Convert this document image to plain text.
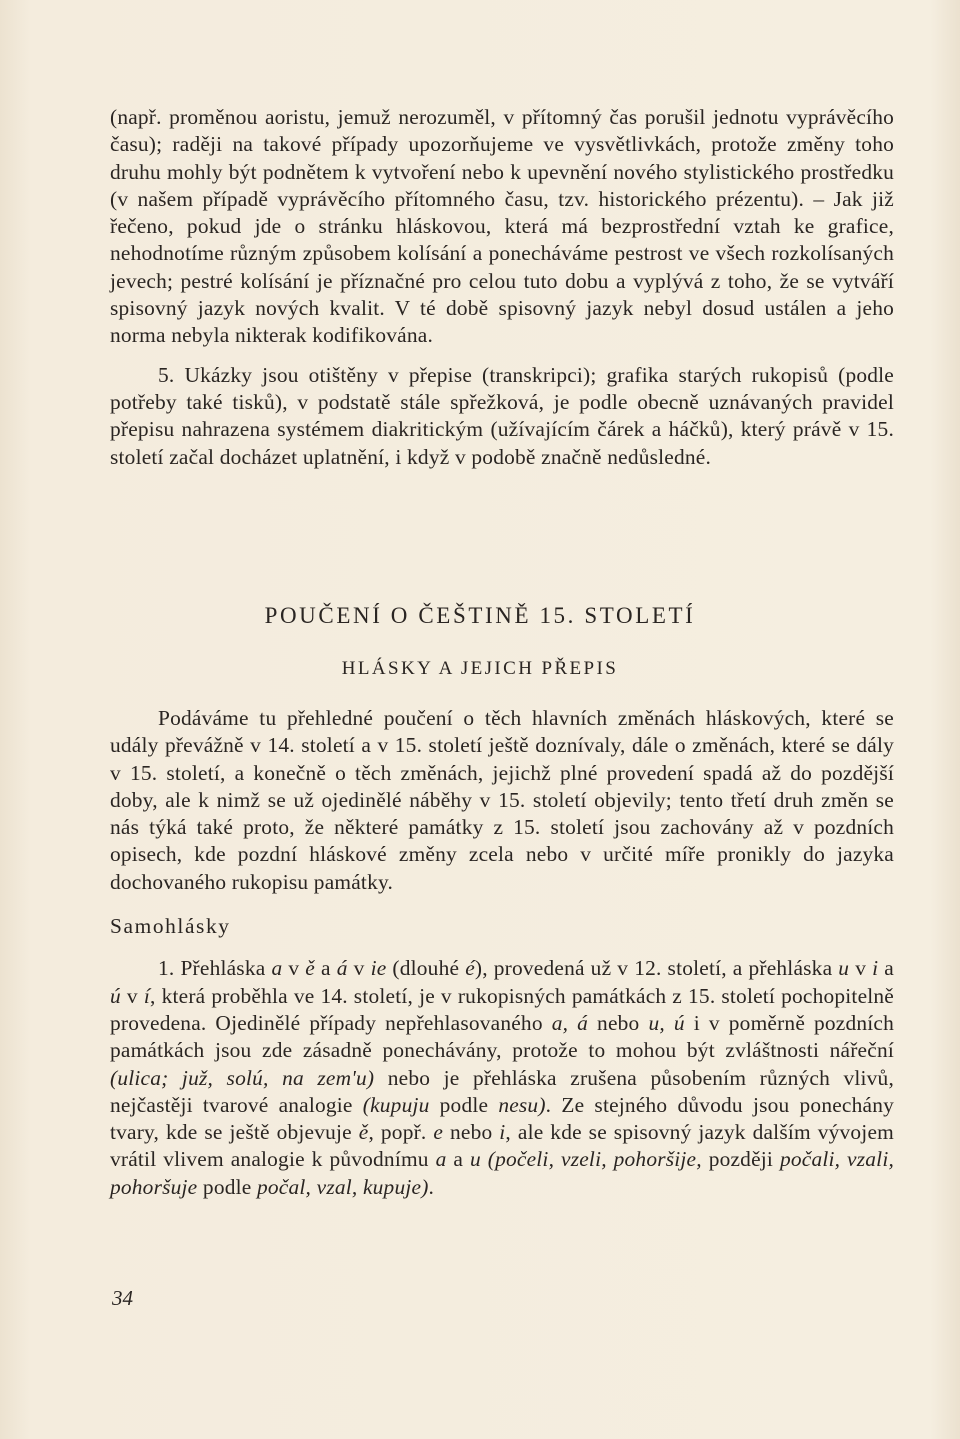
(např. proměnou aoristu, jemuž nerozuměl, v přítomný čas porušil jednotu vyprávěcího času); raději na takové případy upozorňujeme ve vysvětlivkách, protože změny toho druhu mohly být podnětem k vytvoření nebo k upevnění nového stylistického prostředku (v našem případě vyprávěcího přítomného času, tzv. historického prézentu). – Jak již řečeno, pokud jde o stránku hláskovou, která má bezprostřední vztah ke grafice, nehodnotíme různým způsobem kolísání a ponecháváme pestrost ve všech rozkolísaných jevech; pestré kolísání je příznačné pro celou tuto dobu a vyplývá z toho, že se vytváří spisovný jazyk nových kvalit. V té době spisovný jazyk nebyl dosud ustálen a jeho norma nebyla nikterak kodifikována.

5. Ukázky jsou otištěny v přepise (transkripci); grafika starých rukopisů (podle potřeby také tisků), v podstatě stále spřežková, je podle obecně uznávaných pravidel přepisu nahrazena systémem diakritickým (užívajícím čárek a háčků), který právě v 15. století začal docházet uplatnění, i když v podobě značně nedůsledné.

POUČENÍ O ČEŠTINĚ 15. STOLETÍ
HLÁSKY A JEJICH PŘEPIS

Podáváme tu přehledné poučení o těch hlavních změnách hláskových, které se udály převážně v 14. století a v 15. století ještě doznívaly, dále o změnách, které se dály v 15. století, a konečně o těch změnách, jejichž plné provedení spadá až do pozdější doby, ale k nimž se už ojedinělé náběhy v 15. století objevily; tento třetí druh změn se nás týká také proto, že některé památky z 15. století jsou zachovány až v pozdních opisech, kde pozdní hláskové změny zcela nebo v určité míře pronikly do jazyka dochovaného rukopisu památky.

Samohlásky

1. Přehláska a v ě a á v ie (dlouhé é), provedená už v 12. století, a přehláska u v i a ú v í, která proběhla ve 14. století, je v rukopisných památkách z 15. století pochopitelně provedena. Ojedinělé případy nepřehlasovaného a, á nebo u, ú i v poměrně pozdních památkách jsou zde zásadně ponechávány, protože to mohou být zvláštnosti nářeční (ulica; juž, solú, na zem'u) nebo je přehláska zrušena působením různých vlivů, nejčastěji tvarové analogie (kupuju podle nesu). Ze stejného důvodu jsou ponechány tvary, kde se ještě objevuje ě, popř. e nebo i, ale kde se spisovný jazyk dalším vývojem vrátil vlivem analogie k původnímu a a u (počeli, vzeli, pohoršije, později počali, vzali, pohoršuje podle počal, vzal, kupuje).

34
